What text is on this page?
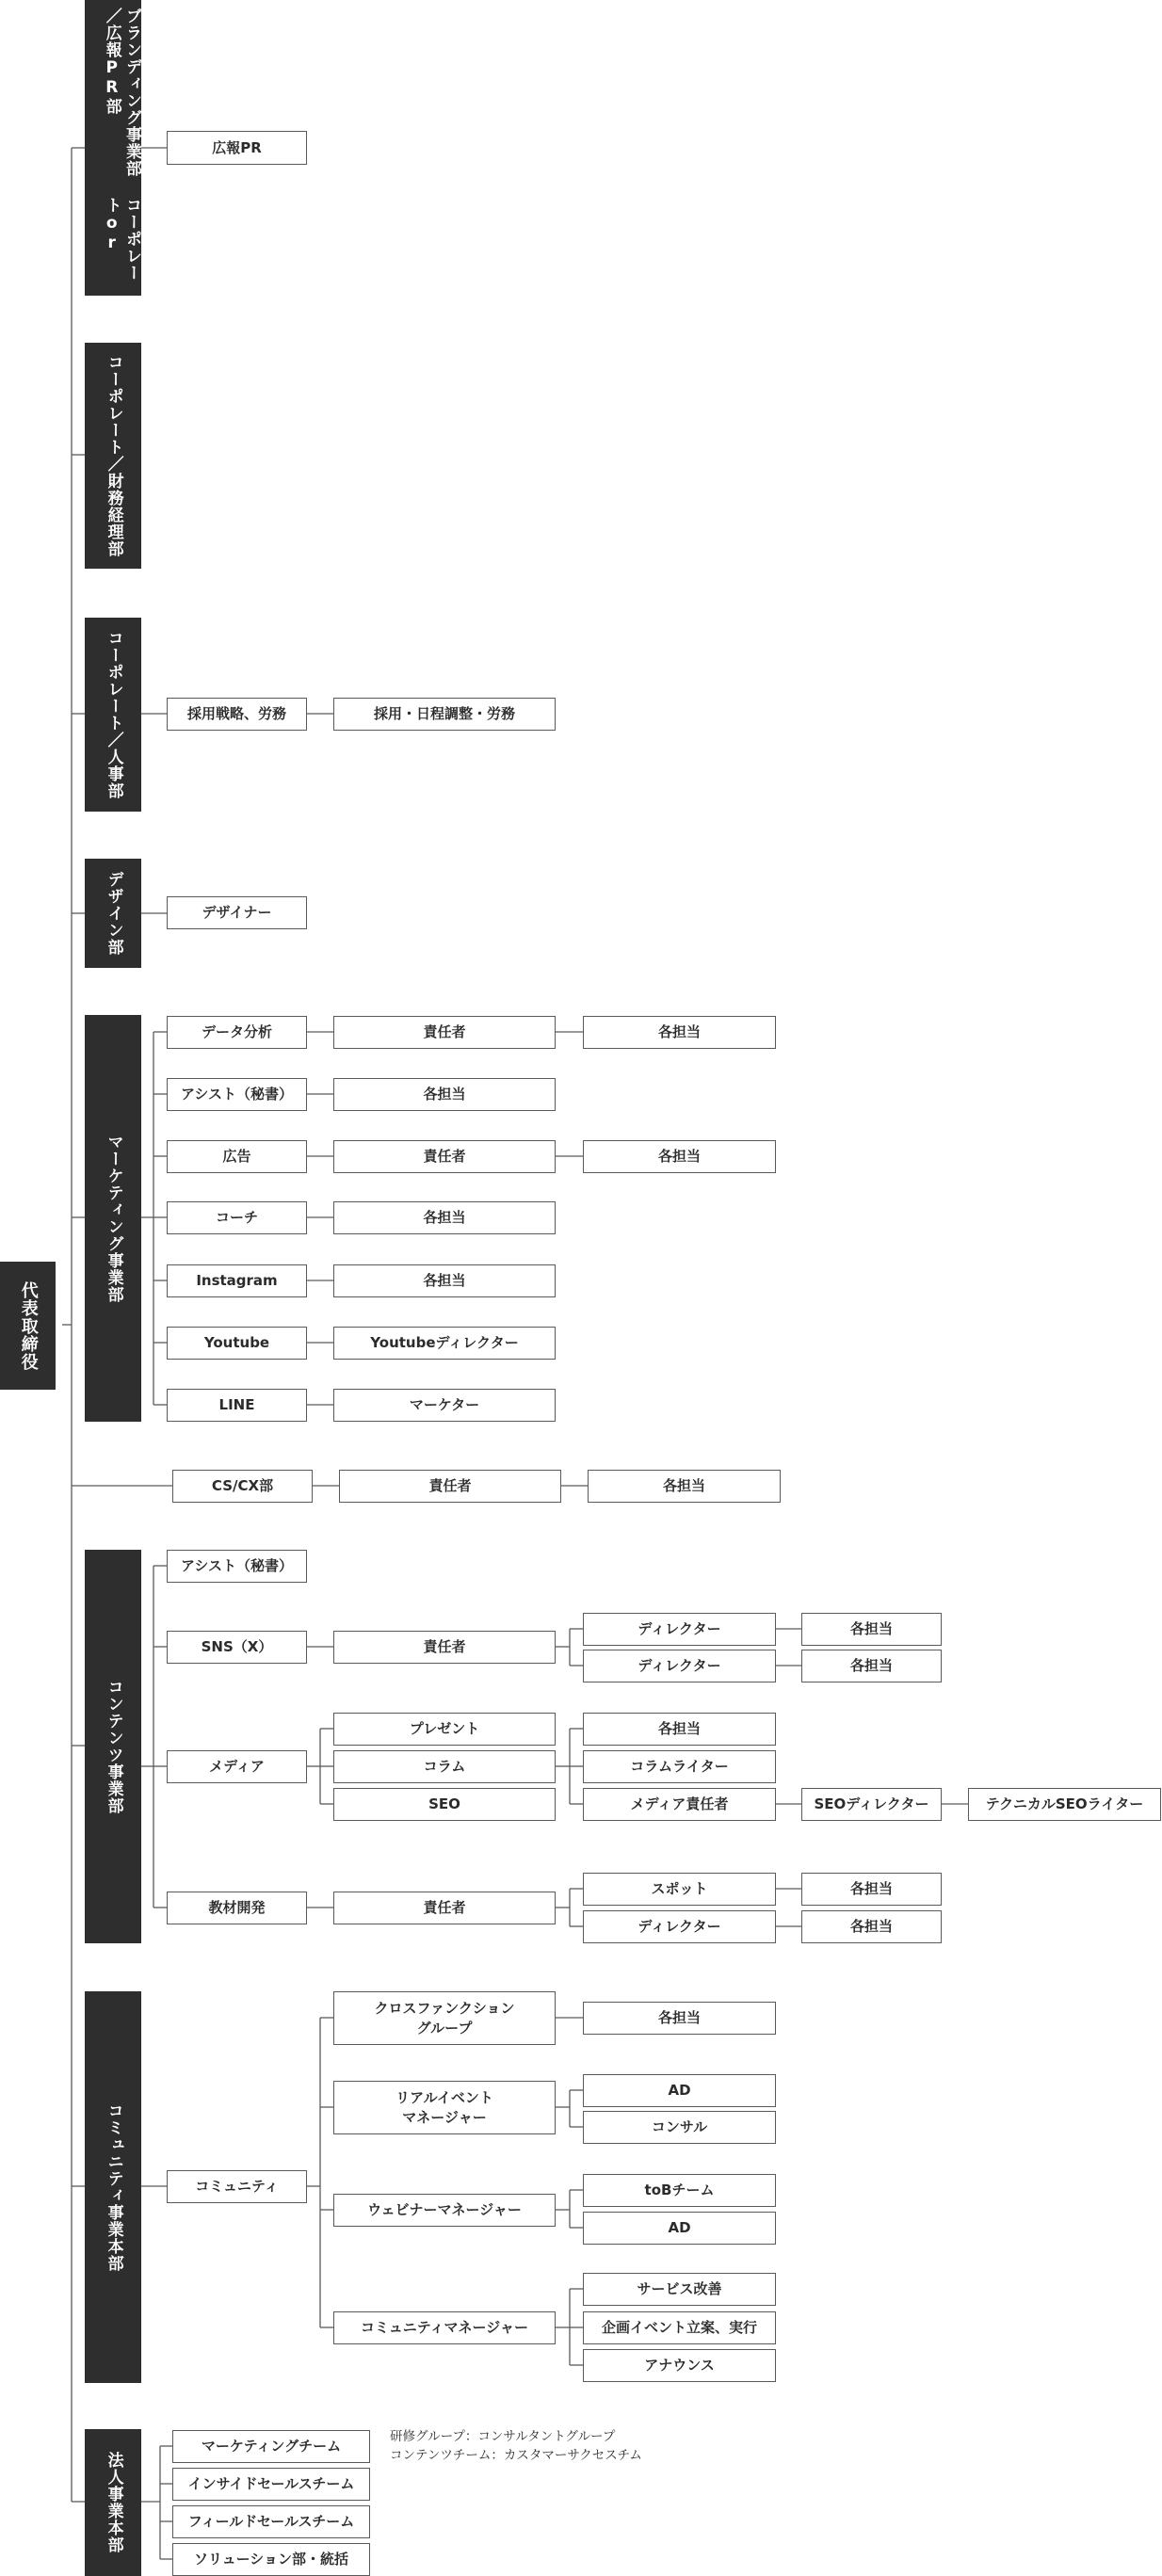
代表取締役
ブランディング事業部／広報PR部
コーポレートor
コーポレート／財務経理部
コーポレート／人事部
デザイン部
マーケティング事業部
コンテンツ事業部
コミュニティ事業本部
法人事業本部
広報PR
採用戦略、労務	採用・日程調整・労務
デザイナー
データ分析	責任者	各担当
アシスト（秘書）	各担当
広告	責任者	各担当
コーチ	各担当
Instagram	各担当
Youtube	Youtubeディレクター
LINE	マーケター
CS/CX部	責任者	各担当
アシスト（秘書）
SNS（X）	責任者
ディレクター
ディレクター
各担当
各担当
メディア
プレゼント
コラム
SEO
各担当
コラムライター
メディア責任者	SEOディレクター	テクニカルSEOライター
教材開発	責任者
スポット
ディレクター
各担当
各担当
コミュニティ
クロスファンクション
グループ
各担当
リアルイベント
マネージャー
AD
コンサル
ウェビナーマネージャー
toBチーム
AD
コミュニティマネージャー
サービス改善
企画イベント立案、実行
アナウンス
マーケティングチーム
インサイドセールスチーム
フィールドセールスチーム
ソリューション部・統括
研修グループ：コンサルタントグループ
コンテンツチーム：カスタマーサクセスチム
